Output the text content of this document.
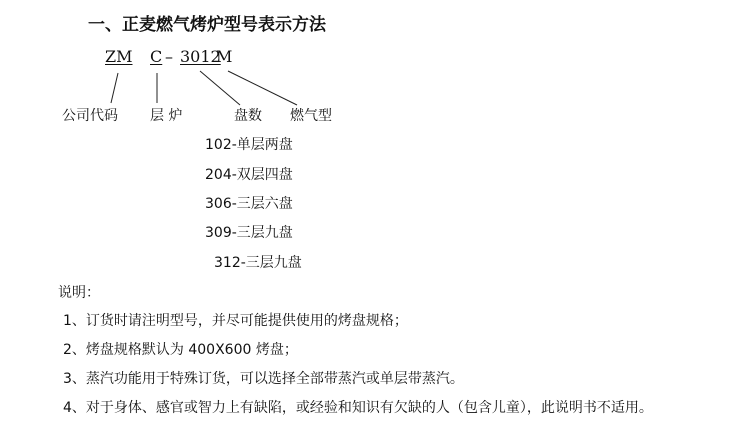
一、正麦燃气烤炉型号表示方法
ZM C – 3012
M
公司代码 层 炉	盘数 燃气型
102-单层两盘
204-双层四盘
306-三层六盘
309-三层九盘
312-三层九盘
说明：
1、订货时请注明型号，并尽可能提供使用的烤盘规格；
2、烤盘规格默认为 400X600 烤盘；
3、蒸汽功能用于特殊订货，可以选择全部带蒸汽或单层带蒸汽。
4、对于身体、感官或智力上有缺陷，或经验和知识有欠缺的人（包含儿童），此说明书不适用。
